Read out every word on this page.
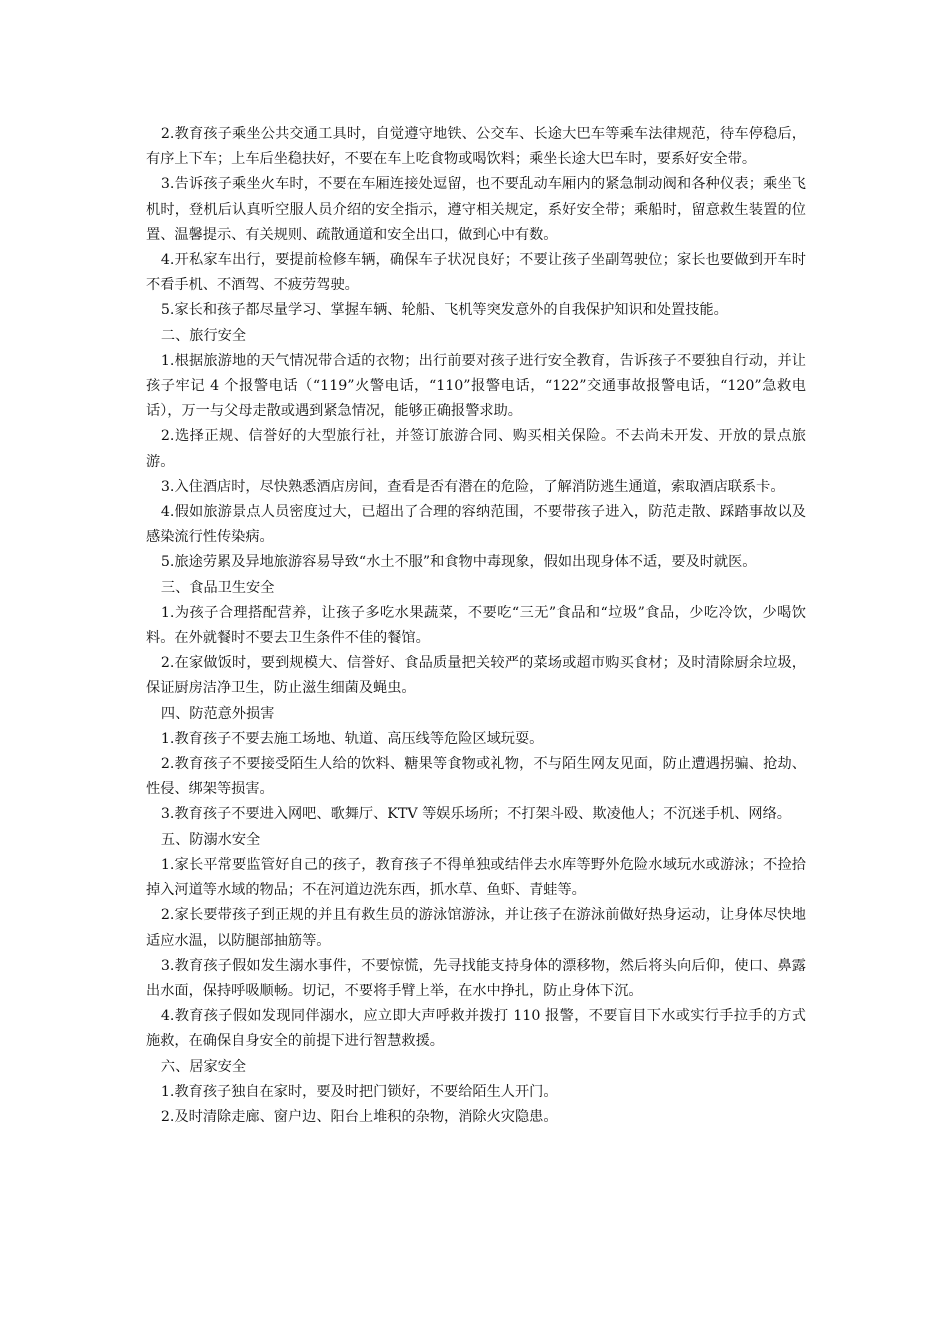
2.教育孩子乘坐公共交通工具时，自觉遵守地铁、公交车、长途大巴车等乘车法律规范，待车停稳后，有序上下车；上车后坐稳扶好，不要在车上吃食物或喝饮料；乘坐长途大巴车时，要系好安全带。

3.告诉孩子乘坐火车时，不要在车厢连接处逗留，也不要乱动车厢内的紧急制动阀和各种仪表；乘坐飞机时，登机后认真听空服人员介绍的安全指示，遵守相关规定，系好安全带；乘船时，留意救生装置的位置、温馨提示、有关规则、疏散通道和安全出口，做到心中有数。

4.开私家车出行，要提前检修车辆，确保车子状况良好；不要让孩子坐副驾驶位；家长也要做到开车时不看手机、不酒驾、不疲劳驾驶。

5.家长和孩子都尽量学习、掌握车辆、轮船、飞机等突发意外的自我保护知识和处置技能。

二、旅行安全

1.根据旅游地的天气情况带合适的衣物；出行前要对孩子进行安全教育，告诉孩子不要独自行动，并让孩子牢记 4 个报警电话（“119”火警电话，“110”报警电话，“122”交通事故报警电话，“120”急救电话），万一与父母走散或遇到紧急情况，能够正确报警求助。

2.选择正规、信誉好的大型旅行社，并签订旅游合同、购买相关保险。不去尚未开发、开放的景点旅游。

3.入住酒店时，尽快熟悉酒店房间，查看是否有潜在的危险，了解消防逃生通道，索取酒店联系卡。

4.假如旅游景点人员密度过大，已超出了合理的容纳范围，不要带孩子进入，防范走散、踩踏事故以及感染流行性传染病。

5.旅途劳累及异地旅游容易导致“水土不服”和食物中毒现象，假如出现身体不适，要及时就医。

三、食品卫生安全

1.为孩子合理搭配营养，让孩子多吃水果蔬菜，不要吃“三无”食品和“垃圾”食品，少吃冷饮，少喝饮料。在外就餐时不要去卫生条件不佳的餐馆。

2.在家做饭时，要到规模大、信誉好、食品质量把关较严的菜场或超市购买食材；及时清除厨余垃圾，保证厨房洁净卫生，防止滋生细菌及蝇虫。

四、防范意外损害

1.教育孩子不要去施工场地、轨道、高压线等危险区域玩耍。

2.教育孩子不要接受陌生人给的饮料、糖果等食物或礼物，不与陌生网友见面，防止遭遇拐骗、抢劫、性侵、绑架等损害。

3.教育孩子不要进入网吧、歌舞厅、KTV 等娱乐场所；不打架斗殴、欺凌他人；不沉迷手机、网络。

五、防溺水安全

1.家长平常要监管好自己的孩子，教育孩子不得单独或结伴去水库等野外危险水域玩水或游泳；不捡拾掉入河道等水域的物品；不在河道边洗东西，抓水草、鱼虾、青蛙等。

2.家长要带孩子到正规的并且有救生员的游泳馆游泳，并让孩子在游泳前做好热身运动，让身体尽快地适应水温，以防腿部抽筋等。

3.教育孩子假如发生溺水事件，不要惊慌，先寻找能支持身体的漂移物，然后将头向后仰，使口、鼻露出水面，保持呼吸顺畅。切记，不要将手臂上举，在水中挣扎，防止身体下沉。

4.教育孩子假如发现同伴溺水，应立即大声呼救并拨打 110 报警，不要盲目下水或实行手拉手的方式施救，在确保自身安全的前提下进行智慧救援。

六、居家安全

1.教育孩子独自在家时，要及时把门锁好，不要给陌生人开门。

2.及时清除走廊、窗户边、阳台上堆积的杂物，消除火灾隐患。
